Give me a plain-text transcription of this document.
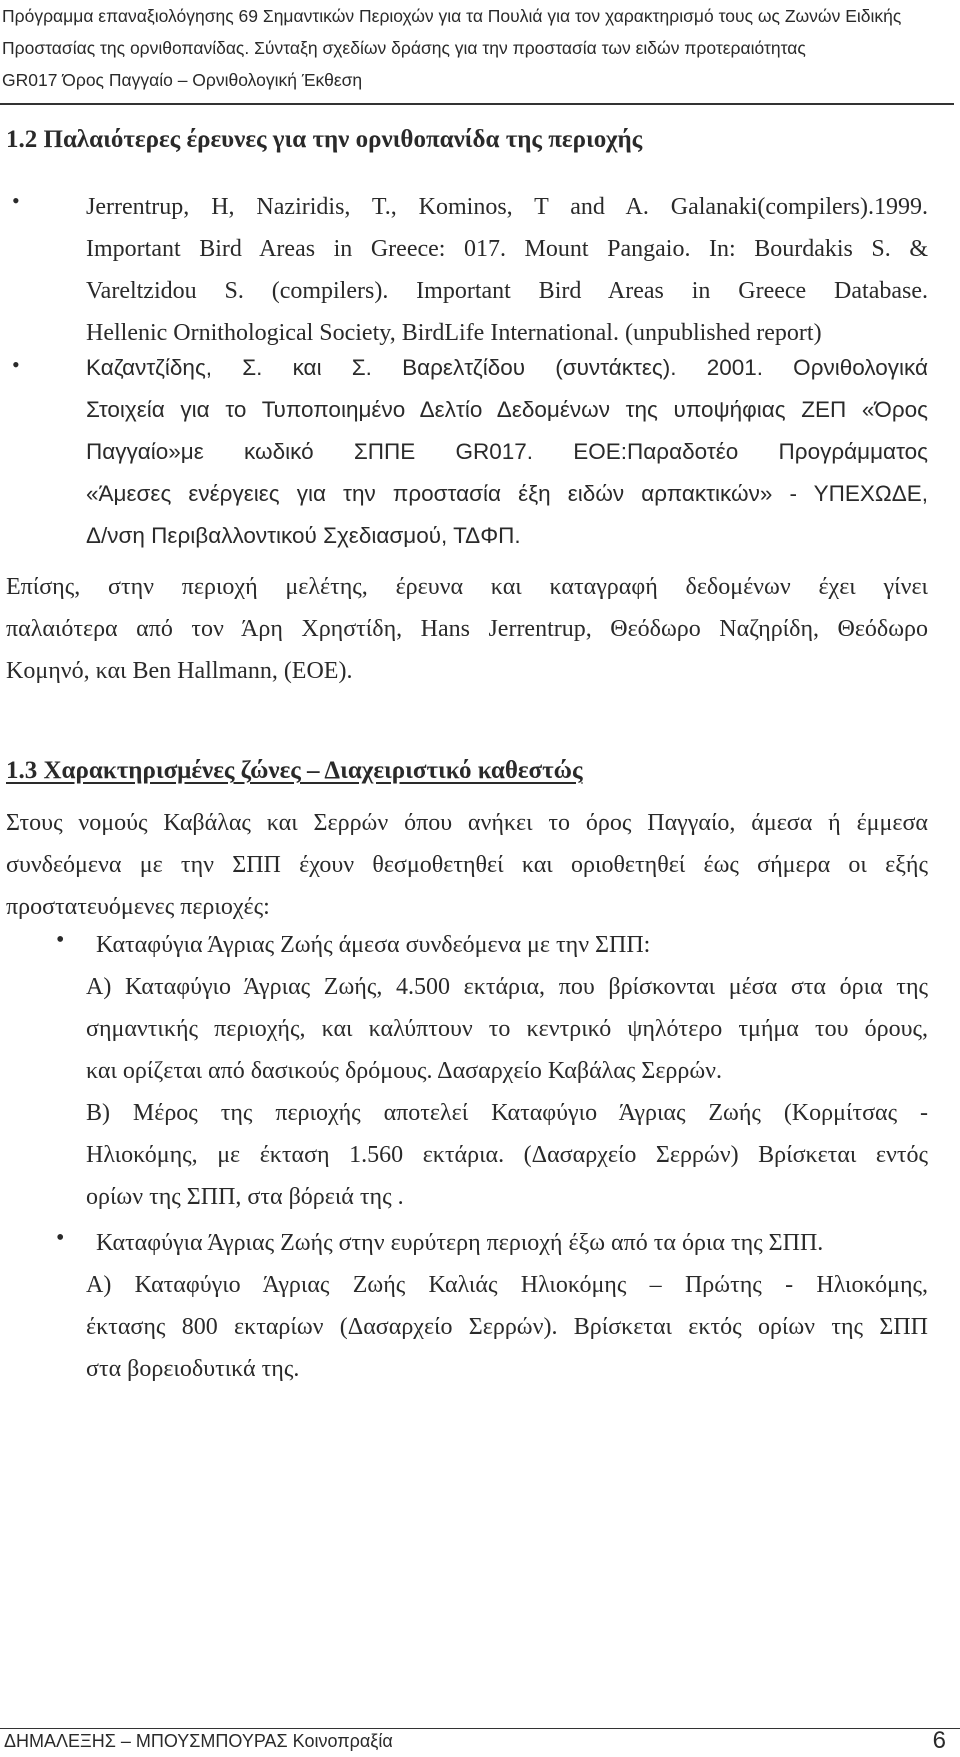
Πρόγραμμα επαναξιολόγησης 69 Σημαντικών Περιοχών για τα Πουλιά για τον χαρακτηρισμό τους ως Ζωνών Ειδικής
Προστασίας της ορνιθοπανίδας. Σύνταξη σχεδίων δράσης για την προστασία των ειδών προτεραιότητας
GR017 Όρος Παγγαίο – Ορνιθολογική Έκθεση
1.2 Παλαιότερες έρευνες για την ορνιθοπανίδα της περιοχής
•	Jerrentrup, H, Naziridis, T., Kominos, T and A. Galanaki(compilers).1999.
Important Bird Areas in Greece: 017. Mount Pangaio. In: Bourdakis S. &
Vareltzidou S. (compilers). Important Bird Areas in Greece Database.
Hellenic Ornithological Society, BirdLife International. (unpublished report)
•	Καζαντζίδης, Σ. και Σ. Βαρελτζίδου (συντάκτες). 2001. Ορνιθολογικά
Στοιχεία για το Τυποποιημένο Δελτίο Δεδομένων της υποψήφιας ΖΕΠ «Όρος
Παγγαίο»με κωδικό ΣΠΠΕ GR017. ΕΟΕ:Παραδοτέο Προγράμματος
«Άμεσες ενέργειες για την προστασία έξη ειδών αρπακτικών» - ΥΠΕΧΩΔΕ,
Δ/νση Περιβαλλοντικού Σχεδιασμού, ΤΔΦΠ.
Επίσης, στην περιοχή μελέτης, έρευνα και καταγραφή δεδομένων έχει γίνει
παλαιότερα από τον Άρη Χρηστίδη, Hans Jerrentrup, Θεόδωρο Ναζηρίδη, Θεόδωρο
Κομηνό, και Ben Hallmann, (ΕΟΕ).
1.3 Χαρακτηρισμένες ζώνες – Διαχειριστικό καθεστώς
Στους νομούς Καβάλας και Σερρών όπου ανήκει το όρος Παγγαίο, άμεσα ή έμμεσα
συνδεόμενα με την ΣΠΠ έχουν θεσμοθετηθεί και οριοθετηθεί έως σήμερα οι εξής
προστατευόμενες περιοχές:
• Καταφύγια Άγριας Ζωής άμεσα συνδεόμενα με την ΣΠΠ:
Α) Καταφύγιο Άγριας Ζωής, 4.500 εκτάρια, που βρίσκονται μέσα στα όρια της
σημαντικής περιοχής, και καλύπτουν το κεντρικό ψηλότερο τμήμα του όρους,
και ορίζεται από δασικούς δρόμους. Δασαρχείο Καβάλας Σερρών.
Β) Μέρος της περιοχής αποτελεί Καταφύγιο Άγριας Ζωής (Κορμίτσας -
Ηλιοκόμης, με έκταση 1.560 εκτάρια. (Δασαρχείο Σερρών) Βρίσκεται εντός
ορίων της ΣΠΠ, στα βόρειά της .
• Καταφύγια Άγριας Ζωής στην ευρύτερη περιοχή έξω από τα όρια της ΣΠΠ.
Α) Καταφύγιο Άγριας Ζωής Καλιάς Ηλιοκόμης – Πρώτης - Ηλιοκόμης,
έκτασης 800 εκταρίων (Δασαρχείο Σερρών). Βρίσκεται εκτός ορίων της ΣΠΠ
στα βορειοδυτικά της.
ΔΗΜΑΛΕΞΗΣ – ΜΠΟΥΣΜΠΟΥΡΑΣ Κοινοπραξία	6
